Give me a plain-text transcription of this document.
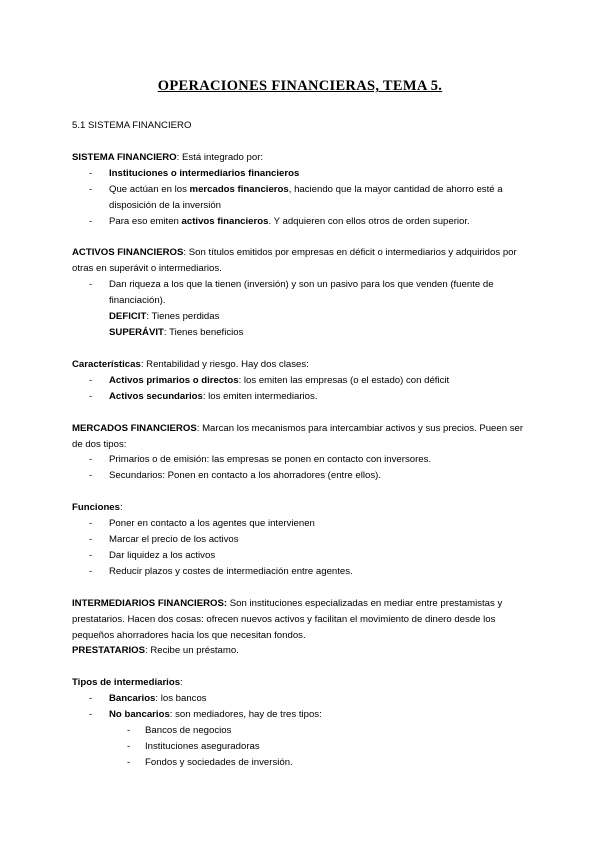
OPERACIONES FINANCIERAS, TEMA 5.

5.1 SISTEMA FINANCIERO

SISTEMA FINANCIERO: Está integrado por:

- Instituciones o intermediarios financieros
- Que actúan en los mercados financieros, haciendo que la mayor cantidad de ahorro esté a disposición de la inversión
- Para eso emiten activos financieros. Y adquieren con ellos otros de orden superior.

ACTIVOS FINANCIEROS: Son títulos emitidos por empresas en déficit o intermediarios y adquiridos por otras en superávit o intermediarios.

- Dan riqueza a los que la tienen (inversión) y son un pasivo para los que venden (fuente de financiación).

DEFICIT: Tienes perdidas

SUPERÁVIT: Tienes beneficios

Características: Rentabilidad y riesgo. Hay dos clases:

- Activos primarios o directos: los emiten las empresas (o el estado) con déficit
- Activos secundarios: los emiten intermediarios.

MERCADOS FINANCIEROS: Marcan los mecanismos para intercambiar activos y sus precios. Pueen ser de dos tipos:

- Primarios o de emisión: las empresas se ponen en contacto con inversores.
- Secundarios: Ponen en contacto a los ahorradores (entre ellos).

Funciones:

- Poner en contacto a los agentes que intervienen
- Marcar el precio de los activos
- Dar liquidez a los activos
- Reducir plazos y costes de intermediación entre agentes.

INTERMEDIARIOS FINANCIEROS: Son instituciones especializadas en mediar entre prestamistas y prestatarios. Hacen dos cosas: ofrecen nuevos activos y facilitan el movimiento de dinero desde los pequeños ahorradores hacia los que necesitan fondos.

PRESTATARIOS: Recibe un préstamo.

Tipos de intermediarios:

- Bancarios: los bancos
- No bancarios: son mediadores, hay de tres tipos:
- Bancos de negocios
- Instituciones aseguradoras
- Fondos y sociedades de inversión.
